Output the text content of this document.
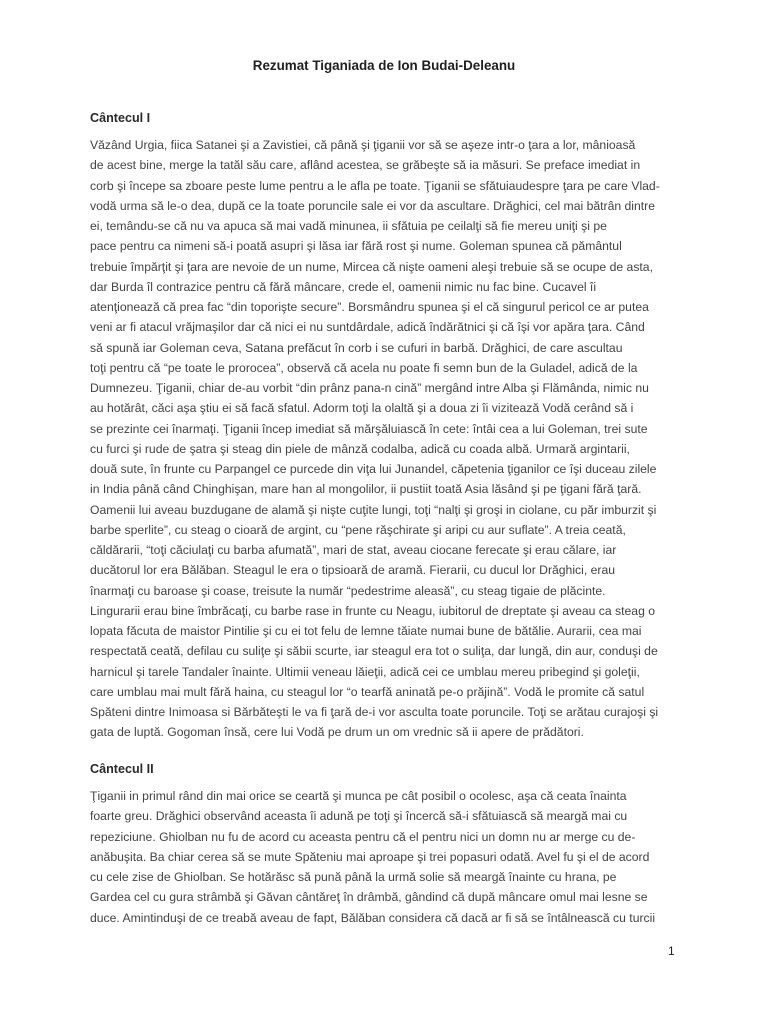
Rezumat Tiganiada de Ion Budai-Deleanu
Cântecul I
Văzând Urgia, fiica Satanei şi a Zavistiei, că până şi ţiganii vor să se aşeze intr-o ţara a lor, mânioasă
de acest bine, merge la tatăl său care, aflând acestea, se grăbeşte să ia măsuri. Se preface imediat in
corb şi începe sa zboare peste lume pentru a le afla pe toate. Ţiganii se sfătuiaudespre ţara pe care Vlad-
vodă urma să le-o dea, după ce la toate poruncile sale ei vor da ascultare. Drăghici, cel mai bătrân dintre
ei, temându-se că nu va apuca să mai vadă minunea, ii sfătuia pe ceilalţi să fie mereu uniţi şi pe
pace pentru ca nimeni să-i poată asupri şi lăsa iar fără rost şi nume. Goleman spunea că pământul
trebuie împărţit şi ţara are nevoie de un nume, Mircea că nişte oameni aleşi trebuie să se ocupe de asta,
dar Burda îl contrazice pentru că fără mâncare, crede el, oamenii nimic nu fac bine. Cucavel îi
atenţionează că prea fac “din toporişte secure”. Borsmândru spunea şi el că singurul pericol ce ar putea
veni ar fi atacul vrăjmaşilor dar că nici ei nu suntdârdale, adică îndărătnici şi că îşi vor apăra ţara. Când
să spună iar Goleman ceva, Satana prefăcut în corb i se cufuri in barbă. Drăghici, de care ascultau
toţi pentru că “pe toate le prorocea”, observă că acela nu poate fi semn bun de la Guladel, adică de la
Dumnezeu. Ţiganii, chiar de-au vorbit “din prânz pana-n cină” mergând intre Alba şi Flămânda, nimic nu
au hotărât, căci aşa ştiu ei să facă sfatul. Adorm toţi la olaltă şi a doua zi îi vizitează Vodă cerând să i
se prezinte cei înarmaţi. Ţiganii încep imediat să mărşăluiască în cete: întâi cea a lui Goleman, trei sute
cu furci şi rude de şatra şi steag din piele de mânză codalba, adică cu coada albă. Urmară argintarii,
două sute, în frunte cu Parpangel ce purcede din viţa lui Junandel, căpetenia ţiganilor ce îşi duceau zilele
in India până când Chinghişan, mare han al mongolilor, ii pustiit toată Asia lăsând şi pe ţigani fără ţară.
Oamenii lui aveau buzdugane de alamă şi nişte cuţite lungi, toţi “nalţi şi groşi in ciolane, cu păr imburzit şi
barbe sperlite”, cu steag o cioară de argint, cu “pene răşchirate şi aripi cu aur suflate”. A treia ceată,
căldărarii, “toţi căciulaţi cu barba afumată”, mari de stat, aveau ciocane ferecate şi erau călare, iar
ducătorul lor era Bălăban. Steagul le era o tipsioară de aramă. Fierarii, cu ducul lor Drăghici, erau
înarmaţi cu baroase şi coase, treisute la număr “pedestrime aleasă”, cu steag tigaie de plăcinte.
Lingurarii erau bine îmbrăcaţi, cu barbe rase in frunte cu Neagu, iubitorul de dreptate şi aveau ca steag o
lopata făcuta de maistor Pintilie şi cu ei tot felu de lemne tăiate numai bune de bătălie. Aurarii, cea mai
respectată ceată, defilau cu suliţe şi săbii scurte, iar steagul era tot o suliţa, dar lungă, din aur, conduşi de
harnicul şi tarele Tandaler înainte. Ultimii veneau lăieţii, adică cei ce umblau mereu pribegind şi goleţii,
care umblau mai mult fără haina, cu steagul lor “o tearfă aninată pe-o prăjină”. Vodă le promite că satul
Spăteni dintre Inimoasa si Bărbăteşti le va fi ţară de-i vor asculta toate poruncile. Toţi se arătau curajoşi şi
gata de luptă. Gogoman însă, cere lui Vodă pe drum un om vrednic să ii apere de prădători.
Cântecul II
Ţiganii in primul rând din mai orice se ceartă şi munca pe cât posibil o ocolesc, aşa că ceata înainta
foarte greu. Drăghici observând aceasta îi adună pe toţi şi încercă să-i sfătuiască să meargă mai cu
repeziciune. Ghiolban nu fu de acord cu aceasta pentru că el pentru nici un domn nu ar merge cu de-
anăbuşita. Ba chiar cerea să se mute Spăteniu mai aproape şi trei popasuri odată. Avel fu şi el de acord
cu cele zise de Ghiolban. Se hotărăsc să pună până la urmă solie să meargă înainte cu hrana, pe
Gardea cel cu gura strâmbă şi Găvan cântăreţ în drâmbă, gândind că după mâncare omul mai lesne se
duce. Amintinduşi de ce treabă aveau de fapt, Bălăban considera că dacă ar fi să se întâlnească cu turcii

1
